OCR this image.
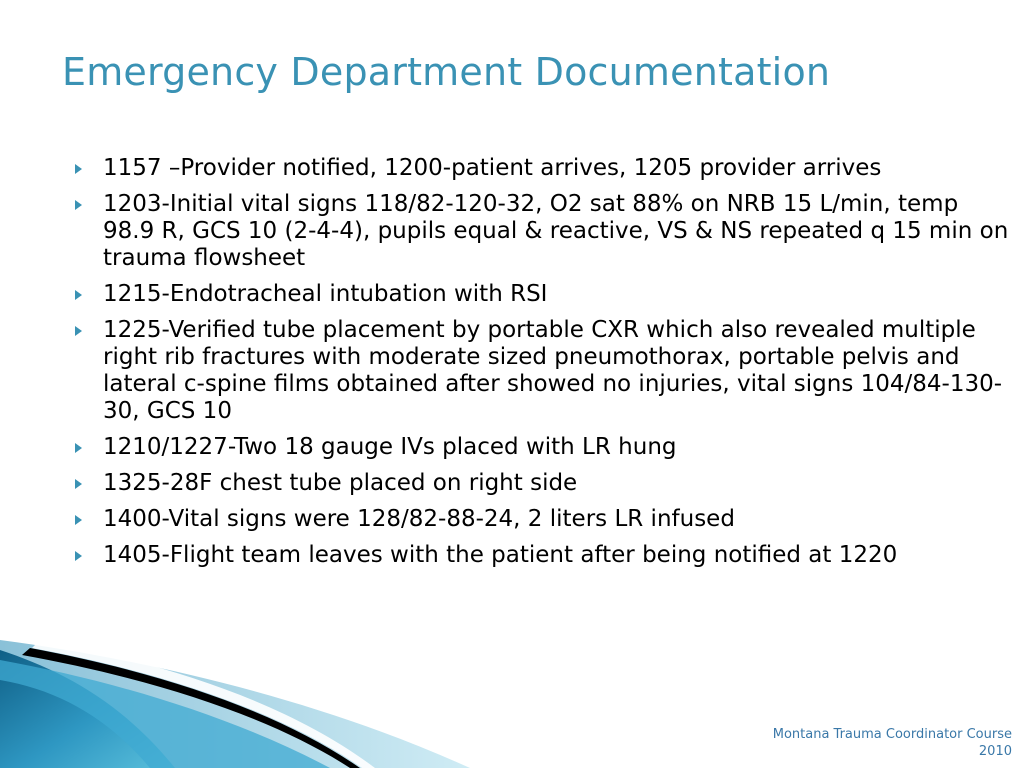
Emergency Department Documentation
1157 –Provider notified, 1200-patient arrives, 1205 provider arrives
1203-Initial vital signs 118/82-120-32, O2 sat 88% on NRB 15 L/min, temp 98.9 R, GCS 10 (2-4-4), pupils equal & reactive, VS & NS repeated q 15 min on trauma flowsheet
1215-Endotracheal intubation with RSI
1225-Verified tube placement by portable CXR which also revealed multiple right rib fractures with moderate sized pneumothorax, portable pelvis and lateral c-spine films obtained after showed no injuries, vital signs 104/84-130-30, GCS 10
1210/1227-Two 18 gauge IVs placed with LR hung
1325-28F chest tube placed on right side
1400-Vital signs were 128/82-88-24, 2 liters LR infused
1405-Flight team leaves with the patient after being notified at 1220
Montana Trauma Coordinator Course
2010
